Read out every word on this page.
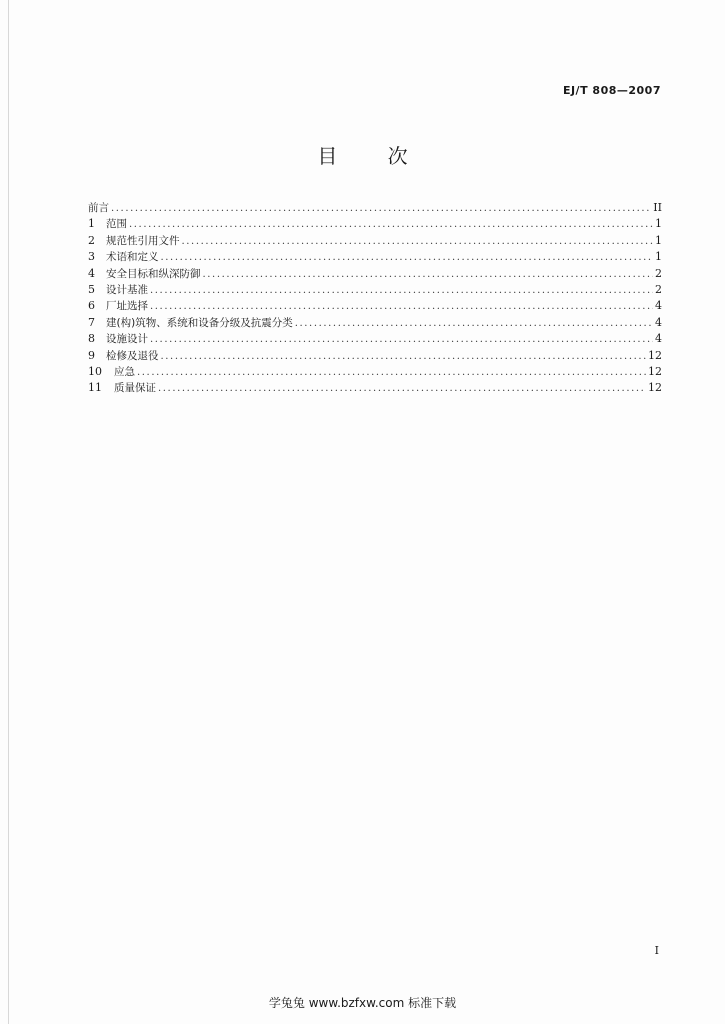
EJ/T 808—2007
目 次
前言 .....	II
1	范围 .....	1
2	规范性引用文件 .....	1
3	术语和定义 .....	1
4	安全目标和纵深防御 .....	2
5	设计基准 .....	2
6	厂址选择 .....	4
7	建(构)筑物、系统和设备分级及抗震分类 .....	4
8	设施设计 .....	4
9	检修及退役 .....	12
10	应急 .....	12
11	质量保证 .....	12
I
学兔兔 www.bzfxw.com 标准下载
